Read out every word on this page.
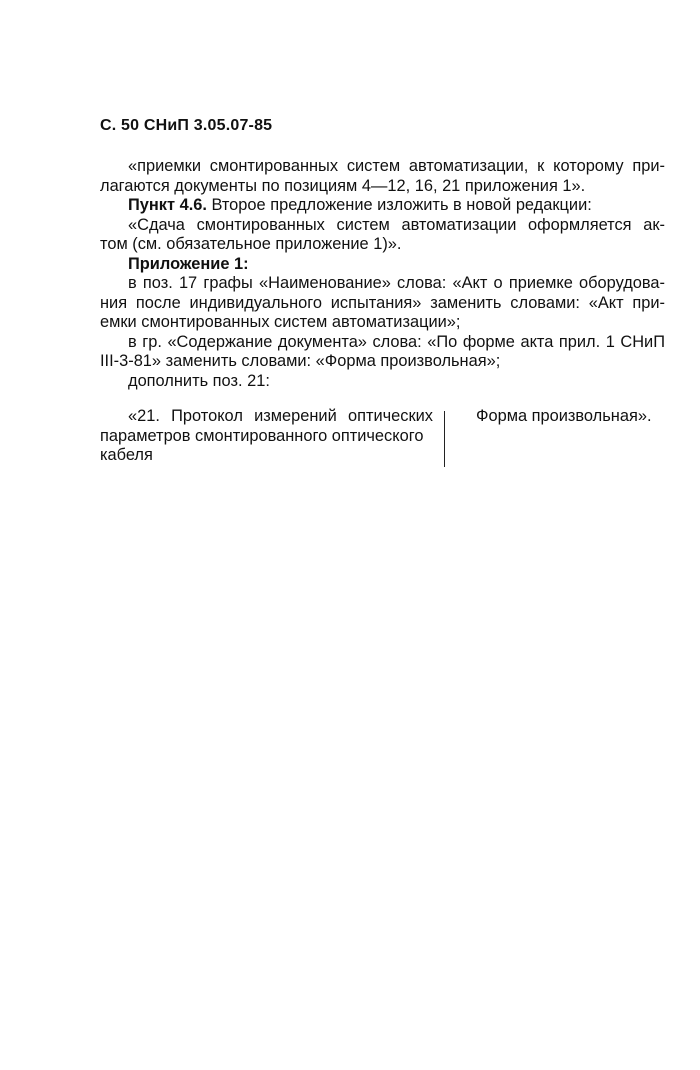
С. 50 СНиП 3.05.07-85
«приемки смонтированных систем автоматизации, к которому при-
лагаются документы по позициям 4—12, 16, 21 приложения 1».
Пункт 4.6. Второе предложение изложить в новой редакции:
«Сдача смонтированных систем автоматизации оформляется ак-
том (см. обязательное приложение 1)».
Приложение 1:
в поз. 17 графы «Наименование» слова: «Акт о приемке оборудова-
ния после индивидуального испытания» заменить словами: «Акт при-
емки смонтированных систем автоматизации»;
в гр. «Содержание документа» слова: «По форме акта прил. 1 СНиП
III-3-81» заменить словами: «Форма произвольная»;
дополнить поз. 21:
«21. Протокол измерений оптических
параметров смонтированного оптического
кабеля
Форма произвольная».
